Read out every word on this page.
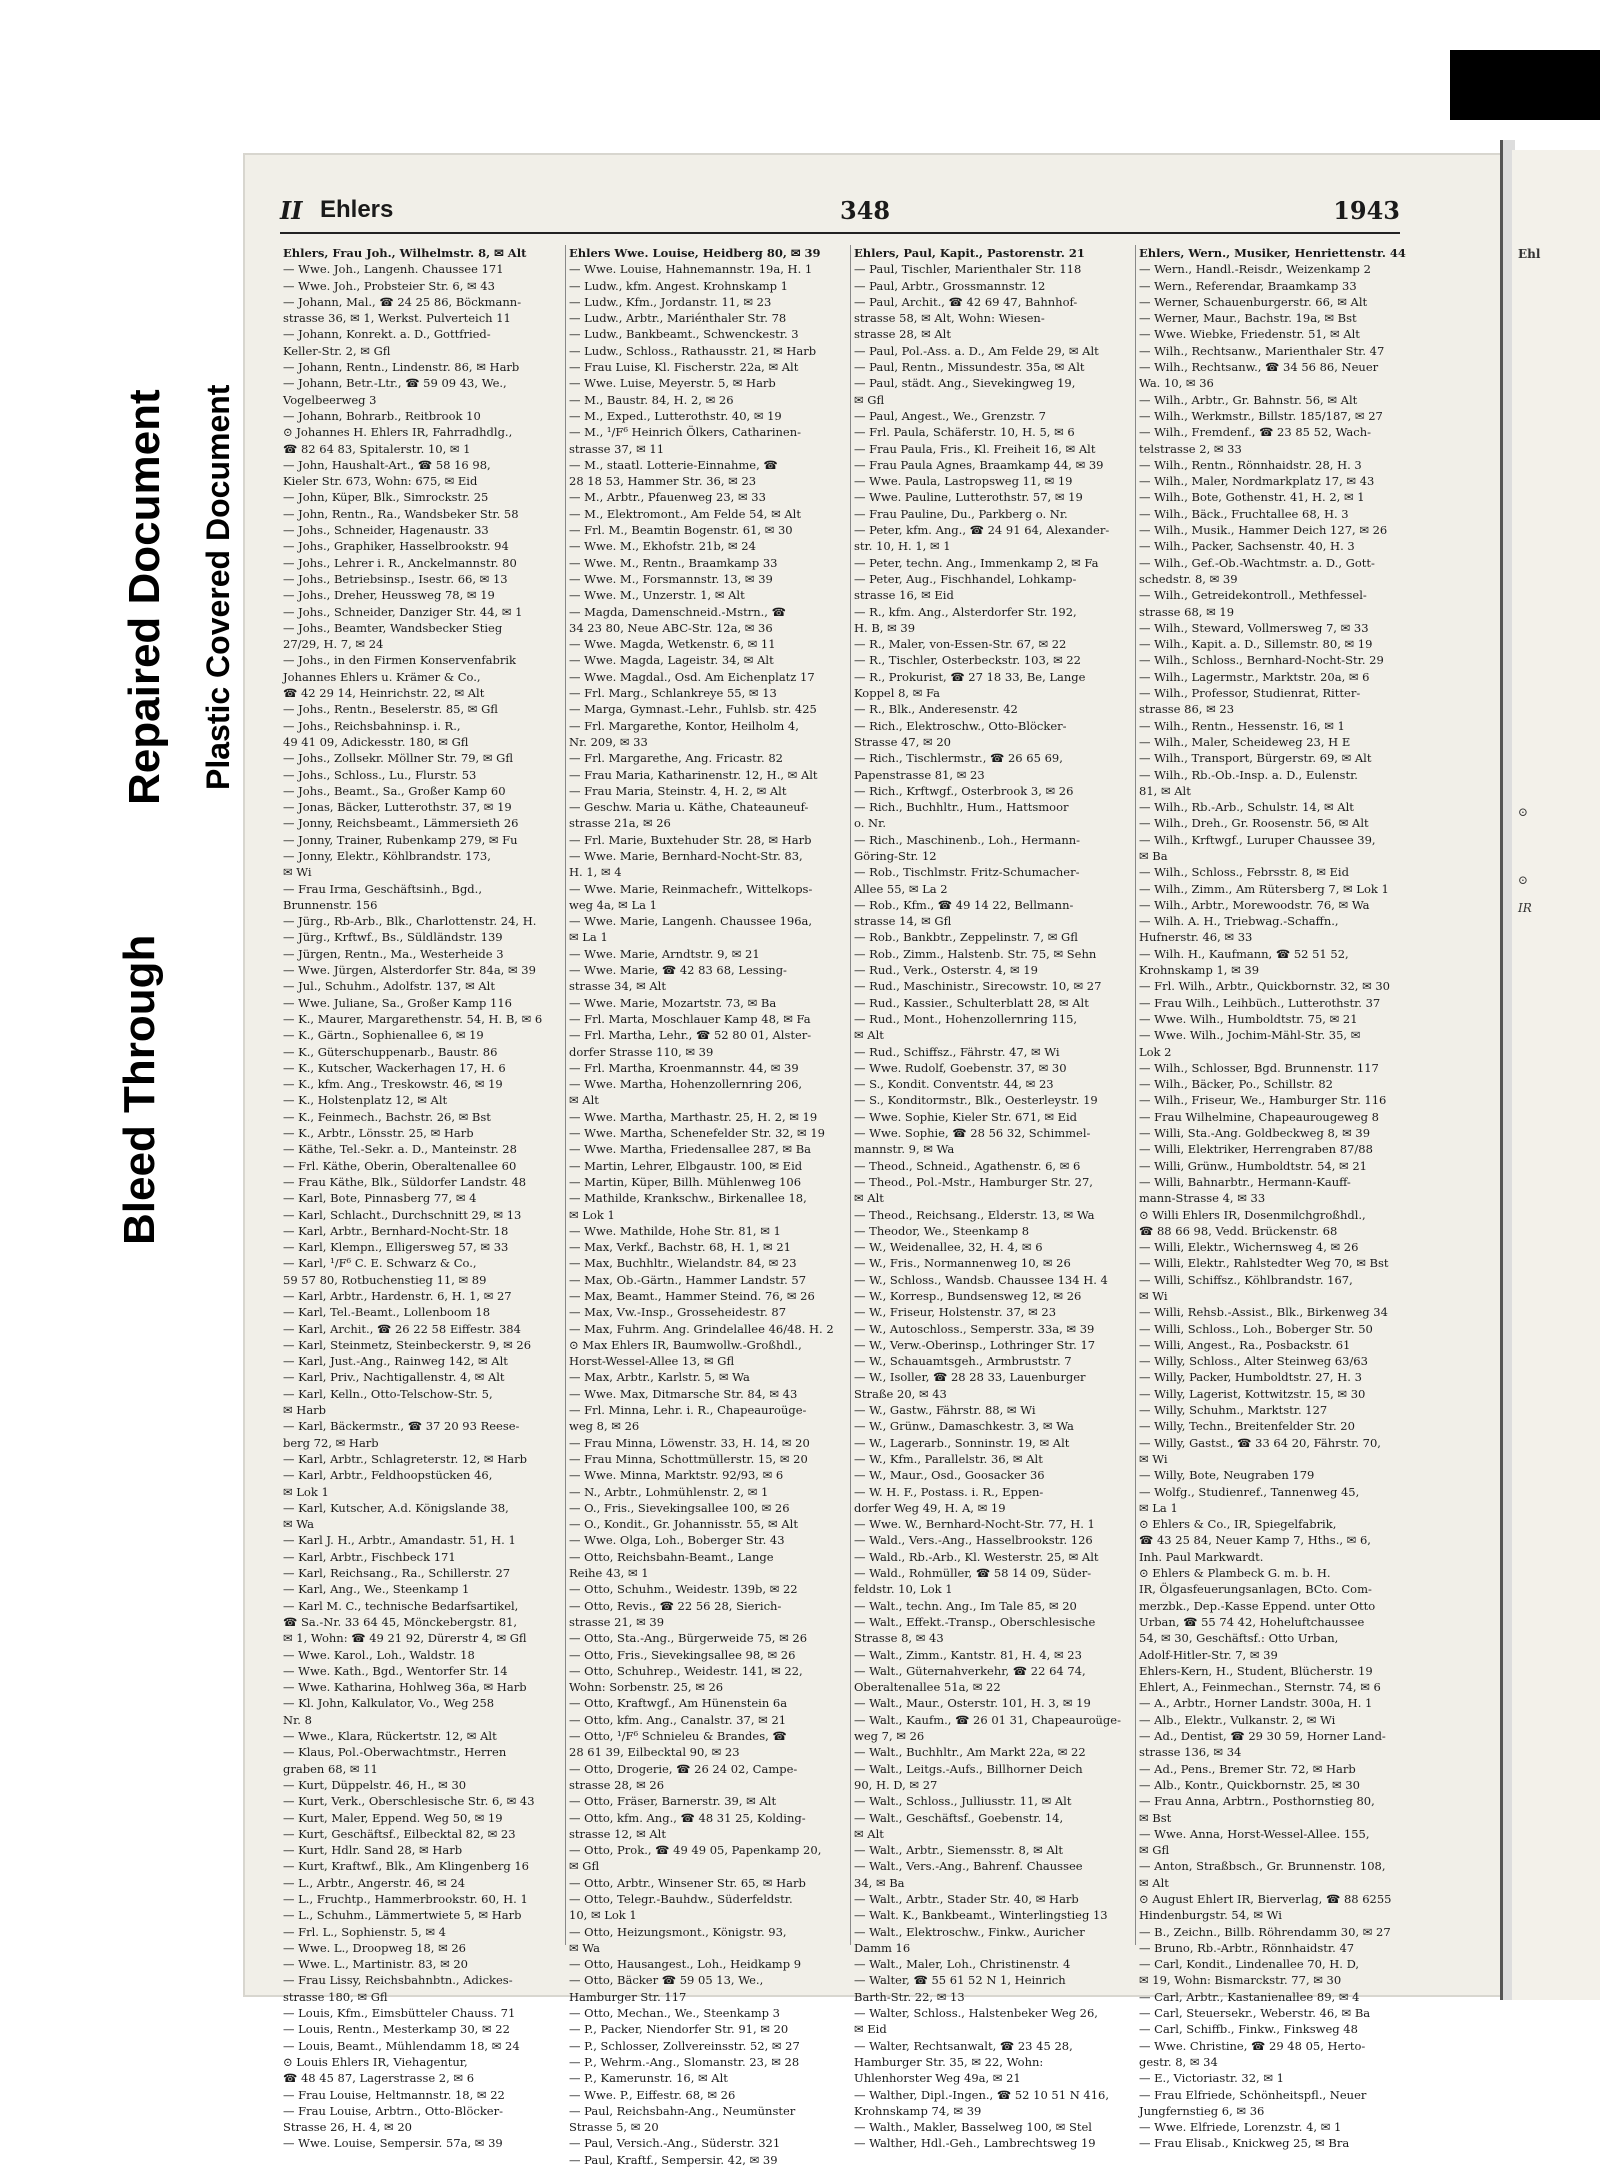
Bleed Through
Repaired Document Plastic Covered Document
Ehl
⊙
⊙
IR
II Ehlers	348	1943
Ehlers, Frau Joh., Wilhelmstr. 8, ✉ Alt
— Wwe. Joh., Langenh. Chaussee 171
— Wwe. Joh., Probsteier Str. 6, ✉ 43
— Johann, Mal., ☎ 24 25 86, Böckmann-
strasse 36, ✉ 1, Werkst. Pulverteich 11
— Johann, Konrekt. a. D., Gottfried-
Keller-Str. 2, ✉ Gfl
— Johann, Rentn., Lindenstr. 86, ✉ Harb
— Johann, Betr.-Ltr., ☎ 59 09 43, We.,
Vogelbeerweg 3
— Johann, Bohrarb., Reitbrook 10
⊙ Johannes H. Ehlers IR, Fahrradhdlg.,
☎ 82 64 83, Spitalerstr. 10, ✉ 1
— John, Haushalt-Art., ☎ 58 16 98,
Kieler Str. 673, Wohn: 675, ✉ Eid
— John, Küper, Blk., Simrockstr. 25
— John, Rentn., Ra., Wandsbeker Str. 58
— Johs., Schneider, Hagenaustr. 33
— Johs., Graphiker, Hasselbrookstr. 94
— Johs., Lehrer i. R., Anckelmannstr. 80
— Johs., Betriebsinsp., Isestr. 66, ✉ 13
— Johs., Dreher, Heussweg 78, ✉ 19
— Johs., Schneider, Danziger Str. 44, ✉ 1
— Johs., Beamter, Wandsbecker Stieg
27/29, H. 7, ✉ 24
— Johs., in den Firmen Konservenfabrik
Johannes Ehlers u. Krämer & Co.,
☎ 42 29 14, Heinrichstr. 22, ✉ Alt
— Johs., Rentn., Beselerstr. 85, ✉ Gfl
— Johs., Reichsbahninsp. i. R.,
49 41 09, Adickesstr. 180, ✉ Gfl
— Johs., Zollsekr. Möllner Str. 79, ✉ Gfl
— Johs., Schloss., Lu., Flurstr. 53
— Johs., Beamt., Sa., Großer Kamp 60
— Jonas, Bäcker, Lutterothstr. 37, ✉ 19
— Jonny, Reichsbeamt., Lämmersieth 26
— Jonny, Trainer, Rubenkamp 279, ✉ Fu
— Jonny, Elektr., Köhlbrandstr. 173,
✉ Wi
— Frau Irma, Geschäftsinh., Bgd.,
Brunnenstr. 156
— Jürg., Rb-Arb., Blk., Charlottenstr. 24, H.
— Jürg., Krftwf., Bs., Süldländstr. 139
— Jürgen, Rentn., Ma., Westerheide 3
— Wwe. Jürgen, Alsterdorfer Str. 84a, ✉ 39
— Jul., Schuhm., Adolfstr. 137, ✉ Alt
— Wwe. Juliane, Sa., Großer Kamp 116
— K., Maurer, Margarethenstr. 54, H. B, ✉ 6
— K., Gärtn., Sophienallee 6, ✉ 19
— K., Güterschuppenarb., Baustr. 86
— K., Kutscher, Wackerhagen 17, H. 6
— K., kfm. Ang., Treskowstr. 46, ✉ 19
— K., Holstenplatz 12, ✉ Alt
— K., Feinmech., Bachstr. 26, ✉ Bst
— K., Arbtr., Lönsstr. 25, ✉ Harb
— Käthe, Tel.-Sekr. a. D., Manteinstr. 28
— Frl. Käthe, Oberin, Oberaltenallee 60
— Frau Käthe, Blk., Süldorfer Landstr. 48
— Karl, Bote, Pinnasberg 77, ✉ 4
— Karl, Schlacht., Durchschnitt 29, ✉ 13
— Karl, Arbtr., Bernhard-Nocht-Str. 18
— Karl, Klempn., Elligersweg 57, ✉ 33
— Karl, ¹/F⁶ C. E. Schwarz & Co.,
59 57 80, Rotbuchenstieg 11, ✉ 89
— Karl, Arbtr., Hardenstr. 6, H. 1, ✉ 27
— Karl, Tel.-Beamt., Lollenboom 18
— Karl, Archit., ☎ 26 22 58 Eiffestr. 384
— Karl, Steinmetz, Steinbeckerstr. 9, ✉ 26
— Karl, Just.-Ang., Rainweg 142, ✉ Alt
— Karl, Priv., Nachtigallenstr. 4, ✉ Alt
— Karl, Kelln., Otto-Telschow-Str. 5,
✉ Harb
— Karl, Bäckermstr., ☎ 37 20 93 Reese-
berg 72, ✉ Harb
— Karl, Arbtr., Schlagreterstr. 12, ✉ Harb
— Karl, Arbtr., Feldhoopstücken 46,
✉ Lok 1
— Karl, Kutscher, A.d. Königslande 38,
✉ Wa
— Karl J. H., Arbtr., Amandastr. 51, H. 1
— Karl, Arbtr., Fischbeck 171
— Karl, Reichsang., Ra., Schillerstr. 27
— Karl, Ang., We., Steenkamp 1
— Karl M. C., technische Bedarfsartikel,
☎ Sa.-Nr. 33 64 45, Mönckebergstr. 81,
✉ 1, Wohn: ☎ 49 21 92, Dürerstr 4, ✉ Gfl
— Wwe. Karol., Loh., Waldstr. 18
— Wwe. Kath., Bgd., Wentorfer Str. 14
— Wwe. Katharina, Hohlweg 36a, ✉ Harb
— Kl. John, Kalkulator, Vo., Weg 258
Nr. 8
— Wwe., Klara, Rückertstr. 12, ✉ Alt
— Klaus, Pol.-Oberwachtmstr., Herren
graben 68, ✉ 11
— Kurt, Düppelstr. 46, H., ✉ 30
— Kurt, Verk., Oberschlesische Str. 6, ✉ 43
— Kurt, Maler, Eppend. Weg 50, ✉ 19
— Kurt, Geschäftsf., Eilbecktal 82, ✉ 23
— Kurt, Hdlr. Sand 28, ✉ Harb
— Kurt, Kraftwf., Blk., Am Klingenberg 16
— L., Arbtr., Angerstr. 46, ✉ 24
— L., Fruchtp., Hammerbrookstr. 60, H. 1
— L., Schuhm., Lämmertwiete 5, ✉ Harb
— Frl. L., Sophienstr. 5, ✉ 4
— Wwe. L., Droopweg 18, ✉ 26
— Wwe. L., Martinistr. 83, ✉ 20
— Frau Lissy, Reichsbahnbtn., Adickes-
strasse 180, ✉ Gfl
— Louis, Kfm., Eimsbütteler Chauss. 71
— Louis, Rentn., Mesterkamp 30, ✉ 22
— Louis, Beamt., Mühlendamm 18, ✉ 24
⊙ Louis Ehlers IR, Viehagentur,
☎ 48 45 87, Lagerstrasse 2, ✉ 6
— Frau Louise, Heltmannstr. 18, ✉ 22
— Frau Louise, Arbtrn., Otto-Blöcker-
Strasse 26, H. 4, ✉ 20
— Wwe. Louise, Sempersir. 57a, ✉ 39
Ehlers Wwe. Louise, Heidberg 80, ✉ 39
— Wwe. Louise, Hahnemannstr. 19a, H. 1
— Ludw., kfm. Angest. Krohnskamp 1
— Ludw., Kfm., Jordanstr. 11, ✉ 23
— Ludw., Arbtr., Mariénthaler Str. 78
— Ludw., Bankbeamt., Schwenckestr. 3
— Ludw., Schloss., Rathausstr. 21, ✉ Harb
— Frau Luise, Kl. Fischerstr. 22a, ✉ Alt
— Wwe. Luise, Meyerstr. 5, ✉ Harb
— M., Baustr. 84, H. 2, ✉ 26
— M., Exped., Lutterothstr. 40, ✉ 19
— M., ¹/F⁶ Heinrich Ölkers, Catharinen-
strasse 37, ✉ 11
— M., staatl. Lotterie-Einnahme, ☎
28 18 53, Hammer Str. 36, ✉ 23
— M., Arbtr., Pfauenweg 23, ✉ 33
— M., Elektromont., Am Felde 54, ✉ Alt
— Frl. M., Beamtin Bogenstr. 61, ✉ 30
— Wwe. M., Ekhofstr. 21b, ✉ 24
— Wwe. M., Rentn., Braamkamp 33
— Wwe. M., Forsmannstr. 13, ✉ 39
— Wwe. M., Unzerstr. 1, ✉ Alt
— Magda, Damenschneid.-Mstrn., ☎
34 23 80, Neue ABC-Str. 12a, ✉ 36
— Wwe. Magda, Wetkenstr. 6, ✉ 11
— Wwe. Magda, Lageistr. 34, ✉ Alt
— Wwe. Magdal., Osd. Am Eichenplatz 17
— Frl. Marg., Schlankreye 55, ✉ 13
— Marga, Gymnast.-Lehr., Fuhlsb. str. 425
— Frl. Margarethe, Kontor, Heilholm 4,
Nr. 209, ✉ 33
— Frl. Margarethe, Ang. Fricastr. 82
— Frau Maria, Katharinenstr. 12, H., ✉ Alt
— Frau Maria, Steinstr. 4, H. 2, ✉ Alt
— Geschw. Maria u. Käthe, Chateauneuf-
strasse 21a, ✉ 26
— Frl. Marie, Buxtehuder Str. 28, ✉ Harb
— Wwe. Marie, Bernhard-Nocht-Str. 83,
H. 1, ✉ 4
— Wwe. Marie, Reinmachefr., Wittelkops-
weg 4a, ✉ La 1
— Wwe. Marie, Langenh. Chaussee 196a,
✉ La 1
— Wwe. Marie, Arndtstr. 9, ✉ 21
— Wwe. Marie, ☎ 42 83 68, Lessing-
strasse 34, ✉ Alt
— Wwe. Marie, Mozartstr. 73, ✉ Ba
— Frl. Marta, Moschlauer Kamp 48, ✉ Fa
— Frl. Martha, Lehr., ☎ 52 80 01, Alster-
dorfer Strasse 110, ✉ 39
— Frl. Martha, Kroenmannstr. 44, ✉ 39
— Wwe. Martha, Hohenzollernring 206,
✉ Alt
— Wwe. Martha, Marthastr. 25, H. 2, ✉ 19
— Wwe. Martha, Schenefelder Str. 32, ✉ 19
— Wwe. Martha, Friedensallee 287, ✉ Ba
— Martin, Lehrer, Elbgaustr. 100, ✉ Eid
— Martin, Küper, Billh. Mühlenweg 106
— Mathilde, Krankschw., Birkenallee 18,
✉ Lok 1
— Wwe. Mathilde, Hohe Str. 81, ✉ 1
— Max, Verkf., Bachstr. 68, H. 1, ✉ 21
— Max, Buchhltr., Wielandstr. 84, ✉ 23
— Max, Ob.-Gärtn., Hammer Landstr. 57
— Max, Beamt., Hammer Steind. 76, ✉ 26
— Max, Vw.-Insp., Grosseheidestr. 87
— Max, Fuhrm. Ang. Grindelallee 46/48. H. 2
⊙ Max Ehlers IR, Baumwollw.-Großhdl.,
Horst-Wessel-Allee 13, ✉ Gfl
— Max, Arbtr., Karlstr. 5, ✉ Wa
— Wwe. Max, Ditmarsche Str. 84, ✉ 43
— Frl. Minna, Lehr. i. R., Chapeauroüge-
weg 8, ✉ 26
— Frau Minna, Löwenstr. 33, H. 14, ✉ 20
— Frau Minna, Schottmüllerstr. 15, ✉ 20
— Wwe. Minna, Marktstr. 92/93, ✉ 6
— N., Arbtr., Lohmühlenstr. 2, ✉ 1
— O., Fris., Sievekingsallee 100, ✉ 26
— O., Kondit., Gr. Johannisstr. 55, ✉ Alt
— Wwe. Olga, Loh., Boberger Str. 43
— Otto, Reichsbahn-Beamt., Lange
Reihe 43, ✉ 1
— Otto, Schuhm., Weidestr. 139b, ✉ 22
— Otto, Revis., ☎ 22 56 28, Sierich-
strasse 21, ✉ 39
— Otto, Sta.-Ang., Bürgerweide 75, ✉ 26
— Otto, Fris., Sievekingsallee 98, ✉ 26
— Otto, Schuhrep., Weidestr. 141, ✉ 22,
Wohn: Sorbenstr. 25, ✉ 26
— Otto, Kraftwgf., Am Hünenstein 6a
— Otto, kfm. Ang., Canalstr. 37, ✉ 21
— Otto, ¹/F⁶ Schnieleu & Brandes, ☎
28 61 39, Eilbecktal 90, ✉ 23
— Otto, Drogerie, ☎ 26 24 02, Campe-
strasse 28, ✉ 26
— Otto, Fräser, Barnerstr. 39, ✉ Alt
— Otto, kfm. Ang., ☎ 48 31 25, Kolding-
strasse 12, ✉ Alt
— Otto, Prok., ☎ 49 49 05, Papenkamp 20,
✉ Gfl
— Otto, Arbtr., Winsener Str. 65, ✉ Harb
— Otto, Telegr.-Bauhdw., Süderfeldstr.
10, ✉ Lok 1
— Otto, Heizungsmont., Königstr. 93,
✉ Wa
— Otto, Hausangest., Loh., Heidkamp 9
— Otto, Bäcker ☎ 59 05 13, We.,
Hamburger Str. 117
— Otto, Mechan., We., Steenkamp 3
— P., Packer, Niendorfer Str. 91, ✉ 20
— P., Schlosser, Zollvereinsstr. 52, ✉ 27
— P., Wehrm.-Ang., Slomanstr. 23, ✉ 28
— P., Kamerunstr. 16, ✉ Alt
— Wwe. P., Eiffestr. 68, ✉ 26
— Paul, Reichsbahn-Ang., Neumünster
Strasse 5, ✉ 20
— Paul, Versich.-Ang., Süderstr. 321
— Paul, Kraftf., Sempersir. 42, ✉ 39
Ehlers, Paul, Kapit., Pastorenstr. 21
— Paul, Tischler, Marienthaler Str. 118
— Paul, Arbtr., Grossmannstr. 12
— Paul, Archit., ☎ 42 69 47, Bahnhof-
strasse 58, ✉ Alt, Wohn: Wiesen-
strasse 28, ✉ Alt
— Paul, Pol.-Ass. a. D., Am Felde 29, ✉ Alt
— Paul, Rentn., Missundestr. 35a, ✉ Alt
— Paul, städt. Ang., Sievekingweg 19,
✉ Gfl
— Paul, Angest., We., Grenzstr. 7
— Frl. Paula, Schäferstr. 10, H. 5, ✉ 6
— Frau Paula, Fris., Kl. Freiheit 16, ✉ Alt
— Frau Paula Agnes, Braamkamp 44, ✉ 39
— Wwe. Paula, Lastropsweg 11, ✉ 19
— Wwe. Pauline, Lutterothstr. 57, ✉ 19
— Frau Pauline, Du., Parkberg o. Nr.
— Peter, kfm. Ang., ☎ 24 91 64, Alexander-
str. 10, H. 1, ✉ 1
— Peter, techn. Ang., Immenkamp 2, ✉ Fa
— Peter, Aug., Fischhandel, Lohkamp-
strasse 16, ✉ Eid
— R., kfm. Ang., Alsterdorfer Str. 192,
H. B, ✉ 39
— R., Maler, von-Essen-Str. 67, ✉ 22
— R., Tischler, Osterbeckstr. 103, ✉ 22
— R., Prokurist, ☎ 27 18 33, Be, Lange
Koppel 8, ✉ Fa
— R., Blk., Anderesenstr. 42
— Rich., Elektroschw., Otto-Blöcker-
Strasse 47, ✉ 20
— Rich., Tischlermstr., ☎ 26 65 69,
Papenstrasse 81, ✉ 23
— Rich., Krftwgf., Osterbrook 3, ✉ 26
— Rich., Buchhltr., Hum., Hattsmoor
o. Nr.
— Rich., Maschinenb., Loh., Hermann-
Göring-Str. 12
— Rob., Tischlmstr. Fritz-Schumacher-
Allee 55, ✉ La 2
— Rob., Kfm., ☎ 49 14 22, Bellmann-
strasse 14, ✉ Gfl
— Rob., Bankbtr., Zeppelinstr. 7, ✉ Gfl
— Rob., Zimm., Halstenb. Str. 75, ✉ Sehn
— Rud., Verk., Osterstr. 4, ✉ 19
— Rud., Maschinistr., Sirecowstr. 10, ✉ 27
— Rud., Kassier., Schulterblatt 28, ✉ Alt
— Rud., Mont., Hohenzollernring 115,
✉ Alt
— Rud., Schiffsz., Fährstr. 47, ✉ Wi
— Wwe. Rudolf, Goebenstr. 37, ✉ 30
— S., Kondit. Conventstr. 44, ✉ 23
— S., Konditormstr., Blk., Oesterleystr. 19
— Wwe. Sophie, Kieler Str. 671, ✉ Eid
— Wwe. Sophie, ☎ 28 56 32, Schimmel-
mannstr. 9, ✉ Wa
— Theod., Schneid., Agathenstr. 6, ✉ 6
— Theod., Pol.-Mstr., Hamburger Str. 27,
✉ Alt
— Theod., Reichsang., Elderstr. 13, ✉ Wa
— Theodor, We., Steenkamp 8
— W., Weidenallee, 32, H. 4, ✉ 6
— W., Fris., Normannenweg 10, ✉ 26
— W., Schloss., Wandsb. Chaussee 134 H. 4
— W., Korresp., Bundsensweg 12, ✉ 26
— W., Friseur, Holstenstr. 37, ✉ 23
— W., Autoschloss., Semperstr. 33a, ✉ 39
— W., Verw.-Oberinsp., Lothringer Str. 17
— W., Schauamtsgeh., Armbruststr. 7
— W., Isoller, ☎ 28 28 33, Lauenburger
Straße 20, ✉ 43
— W., Gastw., Fährstr. 88, ✉ Wi
— W., Grünw., Damaschkestr. 3, ✉ Wa
— W., Lagerarb., Sonninstr. 19, ✉ Alt
— W., Kfm., Parallelstr. 36, ✉ Alt
— W., Maur., Osd., Goosacker 36
— W. H. F., Postass. i. R., Eppen-
dorfer Weg 49, H. A, ✉ 19
— Wwe. W., Bernhard-Nocht-Str. 77, H. 1
— Wald., Vers.-Ang., Hasselbrookstr. 126
— Wald., Rb.-Arb., Kl. Westerstr. 25, ✉ Alt
— Wald., Rohmüller, ☎ 58 14 09, Süder-
feldstr. 10, Lok 1
— Walt., techn. Ang., Im Tale 85, ✉ 20
— Walt., Effekt.-Transp., Oberschlesische
Strasse 8, ✉ 43
— Walt., Zimm., Kantstr. 81, H. 4, ✉ 23
— Walt., Güternahverkehr, ☎ 22 64 74,
Oberaltenallee 51a, ✉ 22
— Walt., Maur., Osterstr. 101, H. 3, ✉ 19
— Walt., Kaufm., ☎ 26 01 31, Chapeauroüge-
weg 7, ✉ 26
— Walt., Buchhltr., Am Markt 22a, ✉ 22
— Walt., Leitgs.-Aufs., Billhorner Deich
90, H. D, ✉ 27
— Walt., Schloss., Julliusstr. 11, ✉ Alt
— Walt., Geschäftsf., Goebenstr. 14,
✉ Alt
— Walt., Arbtr., Siemensstr. 8, ✉ Alt
— Walt., Vers.-Ang., Bahrenf. Chaussee
34, ✉ Ba
— Walt., Arbtr., Stader Str. 40, ✉ Harb
— Walt. K., Bankbeamt., Winterlingstieg 13
— Walt., Elektroschw., Finkw., Auricher
Damm 16
— Walt., Maler, Loh., Christinenstr. 4
— Walter, ☎ 55 61 52 N 1, Heinrich
Barth-Str. 22, ✉ 13
— Walter, Schloss., Halstenbeker Weg 26,
✉ Eid
— Walter, Rechtsanwalt, ☎ 23 45 28,
Hamburger Str. 35, ✉ 22, Wohn:
Uhlenhorster Weg 49a, ✉ 21
— Walther, Dipl.-Ingen., ☎ 52 10 51 N 416,
Krohnskamp 74, ✉ 39
— Walth., Makler, Basselweg 100, ✉ Stel
— Walther, Hdl.-Geh., Lambrechtsweg 19
Ehlers, Wern., Musiker, Henriettenstr. 44
— Wern., Handl.-Reisdr., Weizenkamp 2
— Wern., Referendar, Braamkamp 33
— Werner, Schauenburgerstr. 66, ✉ Alt
— Werner, Maur., Bachstr. 19a, ✉ Bst
— Wwe. Wiebke, Friedenstr. 51, ✉ Alt
— Wilh., Rechtsanw., Marienthaler Str. 47
— Wilh., Rechtsanw., ☎ 34 56 86, Neuer
Wa. 10, ✉ 36
— Wilh., Arbtr., Gr. Bahnstr. 56, ✉ Alt
— Wilh., Werkmstr., Billstr. 185/187, ✉ 27
— Wilh., Fremdenf., ☎ 23 85 52, Wach-
telstrasse 2, ✉ 33
— Wilh., Rentn., Rönnhaidstr. 28, H. 3
— Wilh., Maler, Nordmarkplatz 17, ✉ 43
— Wilh., Bote, Gothenstr. 41, H. 2, ✉ 1
— Wilh., Bäck., Fruchtallee 68, H. 3
— Wilh., Musik., Hammer Deich 127, ✉ 26
— Wilh., Packer, Sachsenstr. 40, H. 3
— Wilh., Gef.-Ob.-Wachtmstr. a. D., Gott-
schedstr. 8, ✉ 39
— Wilh., Getreidekontroll., Methfessel-
strasse 68, ✉ 19
— Wilh., Steward, Vollmersweg 7, ✉ 33
— Wilh., Kapit. a. D., Sillemstr. 80, ✉ 19
— Wilh., Schloss., Bernhard-Nocht-Str. 29
— Wilh., Lagermstr., Marktstr. 20a, ✉ 6
— Wilh., Professor, Studienrat, Ritter-
strasse 86, ✉ 23
— Wilh., Rentn., Hessenstr. 16, ✉ 1
— Wilh., Maler, Scheideweg 23, H E
— Wilh., Transport, Bürgerstr. 69, ✉ Alt
— Wilh., Rb.-Ob.-Insp. a. D., Eulenstr.
81, ✉ Alt
— Wilh., Rb.-Arb., Schulstr. 14, ✉ Alt
— Wilh., Dreh., Gr. Roosenstr. 56, ✉ Alt
— Wilh., Krftwgf., Luruper Chaussee 39,
✉ Ba
— Wilh., Schloss., Febrsstr. 8, ✉ Eid
— Wilh., Zimm., Am Rütersberg 7, ✉ Lok 1
— Wilh., Arbtr., Morewoodstr. 76, ✉ Wa
— Wilh. A. H., Triebwag.-Schaffn.,
Hufnerstr. 46, ✉ 33
— Wilh. H., Kaufmann, ☎ 52 51 52,
Krohnskamp 1, ✉ 39
— Frl. Wilh., Arbtr., Quickbornstr. 32, ✉ 30
— Frau Wilh., Leihbüch., Lutterothstr. 37
— Wwe. Wilh., Humboldtstr. 75, ✉ 21
— Wwe. Wilh., Jochim-Mähl-Str. 35, ✉
Lok 2
— Wilh., Schlosser, Bgd. Brunnenstr. 117
— Wilh., Bäcker, Po., Schillstr. 82
— Wilh., Friseur, We., Hamburger Str. 116
— Frau Wilhelmine, Chapeaurougeweg 8
— Willi, Sta.-Ang. Goldbeckweg 8, ✉ 39
— Willi, Elektriker, Herrengraben 87/88
— Willi, Grünw., Humboldtstr. 54, ✉ 21
— Willi, Bahnarbtr., Hermann-Kauff-
mann-Strasse 4, ✉ 33
⊙ Willi Ehlers IR, Dosenmilchgroßhdl.,
☎ 88 66 98, Vedd. Brückenstr. 68
— Willi, Elektr., Wichernsweg 4, ✉ 26
— Willi, Elektr., Rahlstedter Weg 70, ✉ Bst
— Willi, Schiffsz., Köhlbrandstr. 167,
✉ Wi
— Willi, Rehsb.-Assist., Blk., Birkenweg 34
— Willi, Schloss., Loh., Boberger Str. 50
— Willi, Angest., Ra., Posbackstr. 61
— Willy, Schloss., Alter Steinweg 63/63
— Willy, Packer, Humboldtstr. 27, H. 3
— Willy, Lagerist, Kottwitzstr. 15, ✉ 30
— Willy, Schuhm., Marktstr. 127
— Willy, Techn., Breitenfelder Str. 20
— Willy, Gastst., ☎ 33 64 20, Fährstr. 70,
✉ Wi
— Willy, Bote, Neugraben 179
— Wolfg., Studienref., Tannenweg 45,
✉ La 1
⊙ Ehlers & Co., IR, Spiegelfabrik,
☎ 43 25 84, Neuer Kamp 7, Hths., ✉ 6,
Inh. Paul Markwardt.
⊙ Ehlers & Plambeck G. m. b. H.
IR, Ölgasfeuerungsanlagen, BCto. Com-
merzbk., Dep.-Kasse Eppend. unter Otto
Urban, ☎ 55 74 42, Hoheluftchaussee
54, ✉ 30, Geschäftsf.: Otto Urban,
Adolf-Hitler-Str. 7, ✉ 39
Ehlers-Kern, H., Student, Blücherstr. 19
Ehlert, A., Feinmechan., Sternstr. 74, ✉ 6
— A., Arbtr., Horner Landstr. 300a, H. 1
— Alb., Elektr., Vulkanstr. 2, ✉ Wi
— Ad., Dentist, ☎ 29 30 59, Horner Land-
strasse 136, ✉ 34
— Ad., Pens., Bremer Str. 72, ✉ Harb
— Alb., Kontr., Quickbornstr. 25, ✉ 30
— Frau Anna, Arbtrn., Posthornstieg 80,
✉ Bst
— Wwe. Anna, Horst-Wessel-Allee. 155,
✉ Gfl
— Anton, Straßbsch., Gr. Brunnenstr. 108,
✉ Alt
⊙ August Ehlert IR, Bierverlag, ☎ 88 6255
Hindenburgstr. 54, ✉ Wi
— B., Zeichn., Billb. Röhrendamm 30, ✉ 27
— Bruno, Rb.-Arbtr., Rönnhaidstr. 47
— Carl, Kondit., Lindenallee 70, H. D,
✉ 19, Wohn: Bismarckstr. 77, ✉ 30
— Carl, Arbtr., Kastanienallee 89, ✉ 4
— Carl, Steuersekr., Weberstr. 46, ✉ Ba
— Carl, Schiffb., Finkw., Finksweg 48
— Wwe. Christine, ☎ 29 48 05, Herto-
gestr. 8, ✉ 34
— E., Victoriastr. 32, ✉ 1
— Frau Elfriede, Schönheitspfl., Neuer
Jungfernstieg 6, ✉ 36
— Wwe. Elfriede, Lorenzstr. 4, ✉ 1
— Frau Elisab., Knickweg 25, ✉ Bra
